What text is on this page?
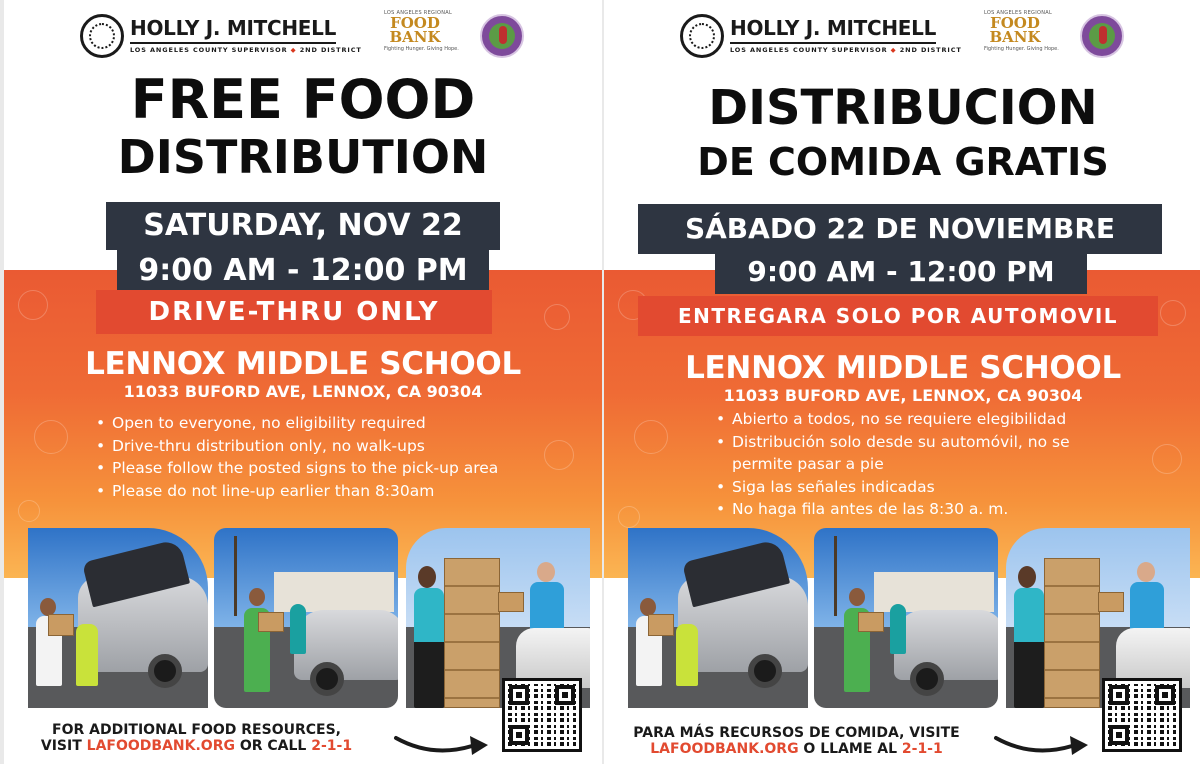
HOLLY J. MITCHELL
LOS ANGELES COUNTY SUPERVISOR ◆ 2ND DISTRICT
LOS ANGELES REGIONAL
FOOD
BANK
Fighting Hunger. Giving Hope.
FREE FOOD
DISTRIBUTION
SATURDAY, NOV 22
9:00 AM - 12:00 PM
DRIVE-THRU ONLY
LENNOX MIDDLE SCHOOL
11033 BUFORD AVE, LENNOX, CA 90304
• Open to everyone, no eligibility required
• Drive-thru distribution only, no walk-ups
• Please follow the posted signs to the pick-up area
• Please do not line-up earlier than 8:30am
FOR ADDITIONAL FOOD RESOURCES,
VISIT LAFOODBANK.ORG OR CALL 2-1-1
HOLLY J. MITCHELL
LOS ANGELES COUNTY SUPERVISOR ◆ 2ND DISTRICT
LOS ANGELES REGIONAL
FOOD
BANK
Fighting Hunger. Giving Hope.
DISTRIBUCION
DE COMIDA GRATIS
SÁBADO 22 DE NOVIEMBRE
9:00 AM - 12:00 PM
ENTREGARA SOLO POR AUTOMOVIL
LENNOX MIDDLE SCHOOL
11033 BUFORD AVE, LENNOX, CA 90304
• Abierto a todos, no se requiere elegibilidad
• Distribución solo desde su automóvil, no se permite pasar a pie
• Siga las señales indicadas
• No haga fila antes de las 8:30 a. m.
PARA MÁS RECURSOS DE COMIDA, VISITE
LAFOODBANK.ORG O LLAME AL 2-1-1
